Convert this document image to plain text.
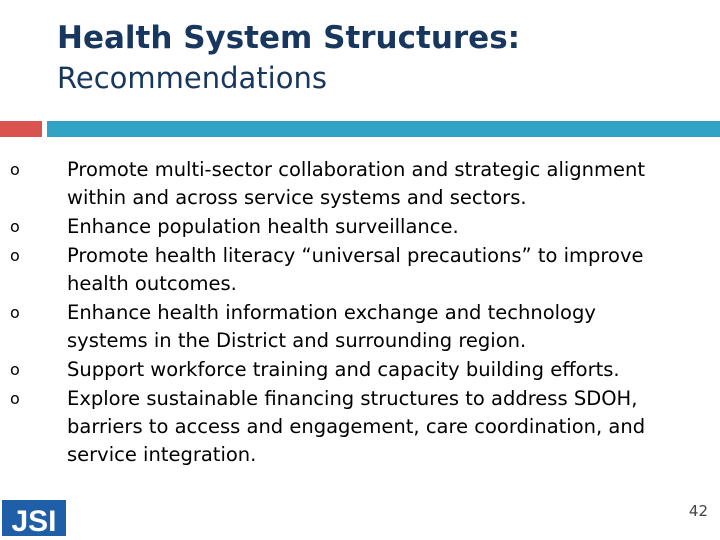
Health System Structures:
Recommendations
o Promote multi-sector collaboration and strategic alignment within and across service systems and sectors.
o Enhance population health surveillance.
o Promote health literacy “universal precautions” to improve health outcomes.
o Enhance health information exchange and technology systems in the District and surrounding region.
o Support workforce training and capacity building efforts.
o Explore sustainable financing structures to address SDOH, barriers to access and engagement, care coordination, and service integration.
JSI	42
